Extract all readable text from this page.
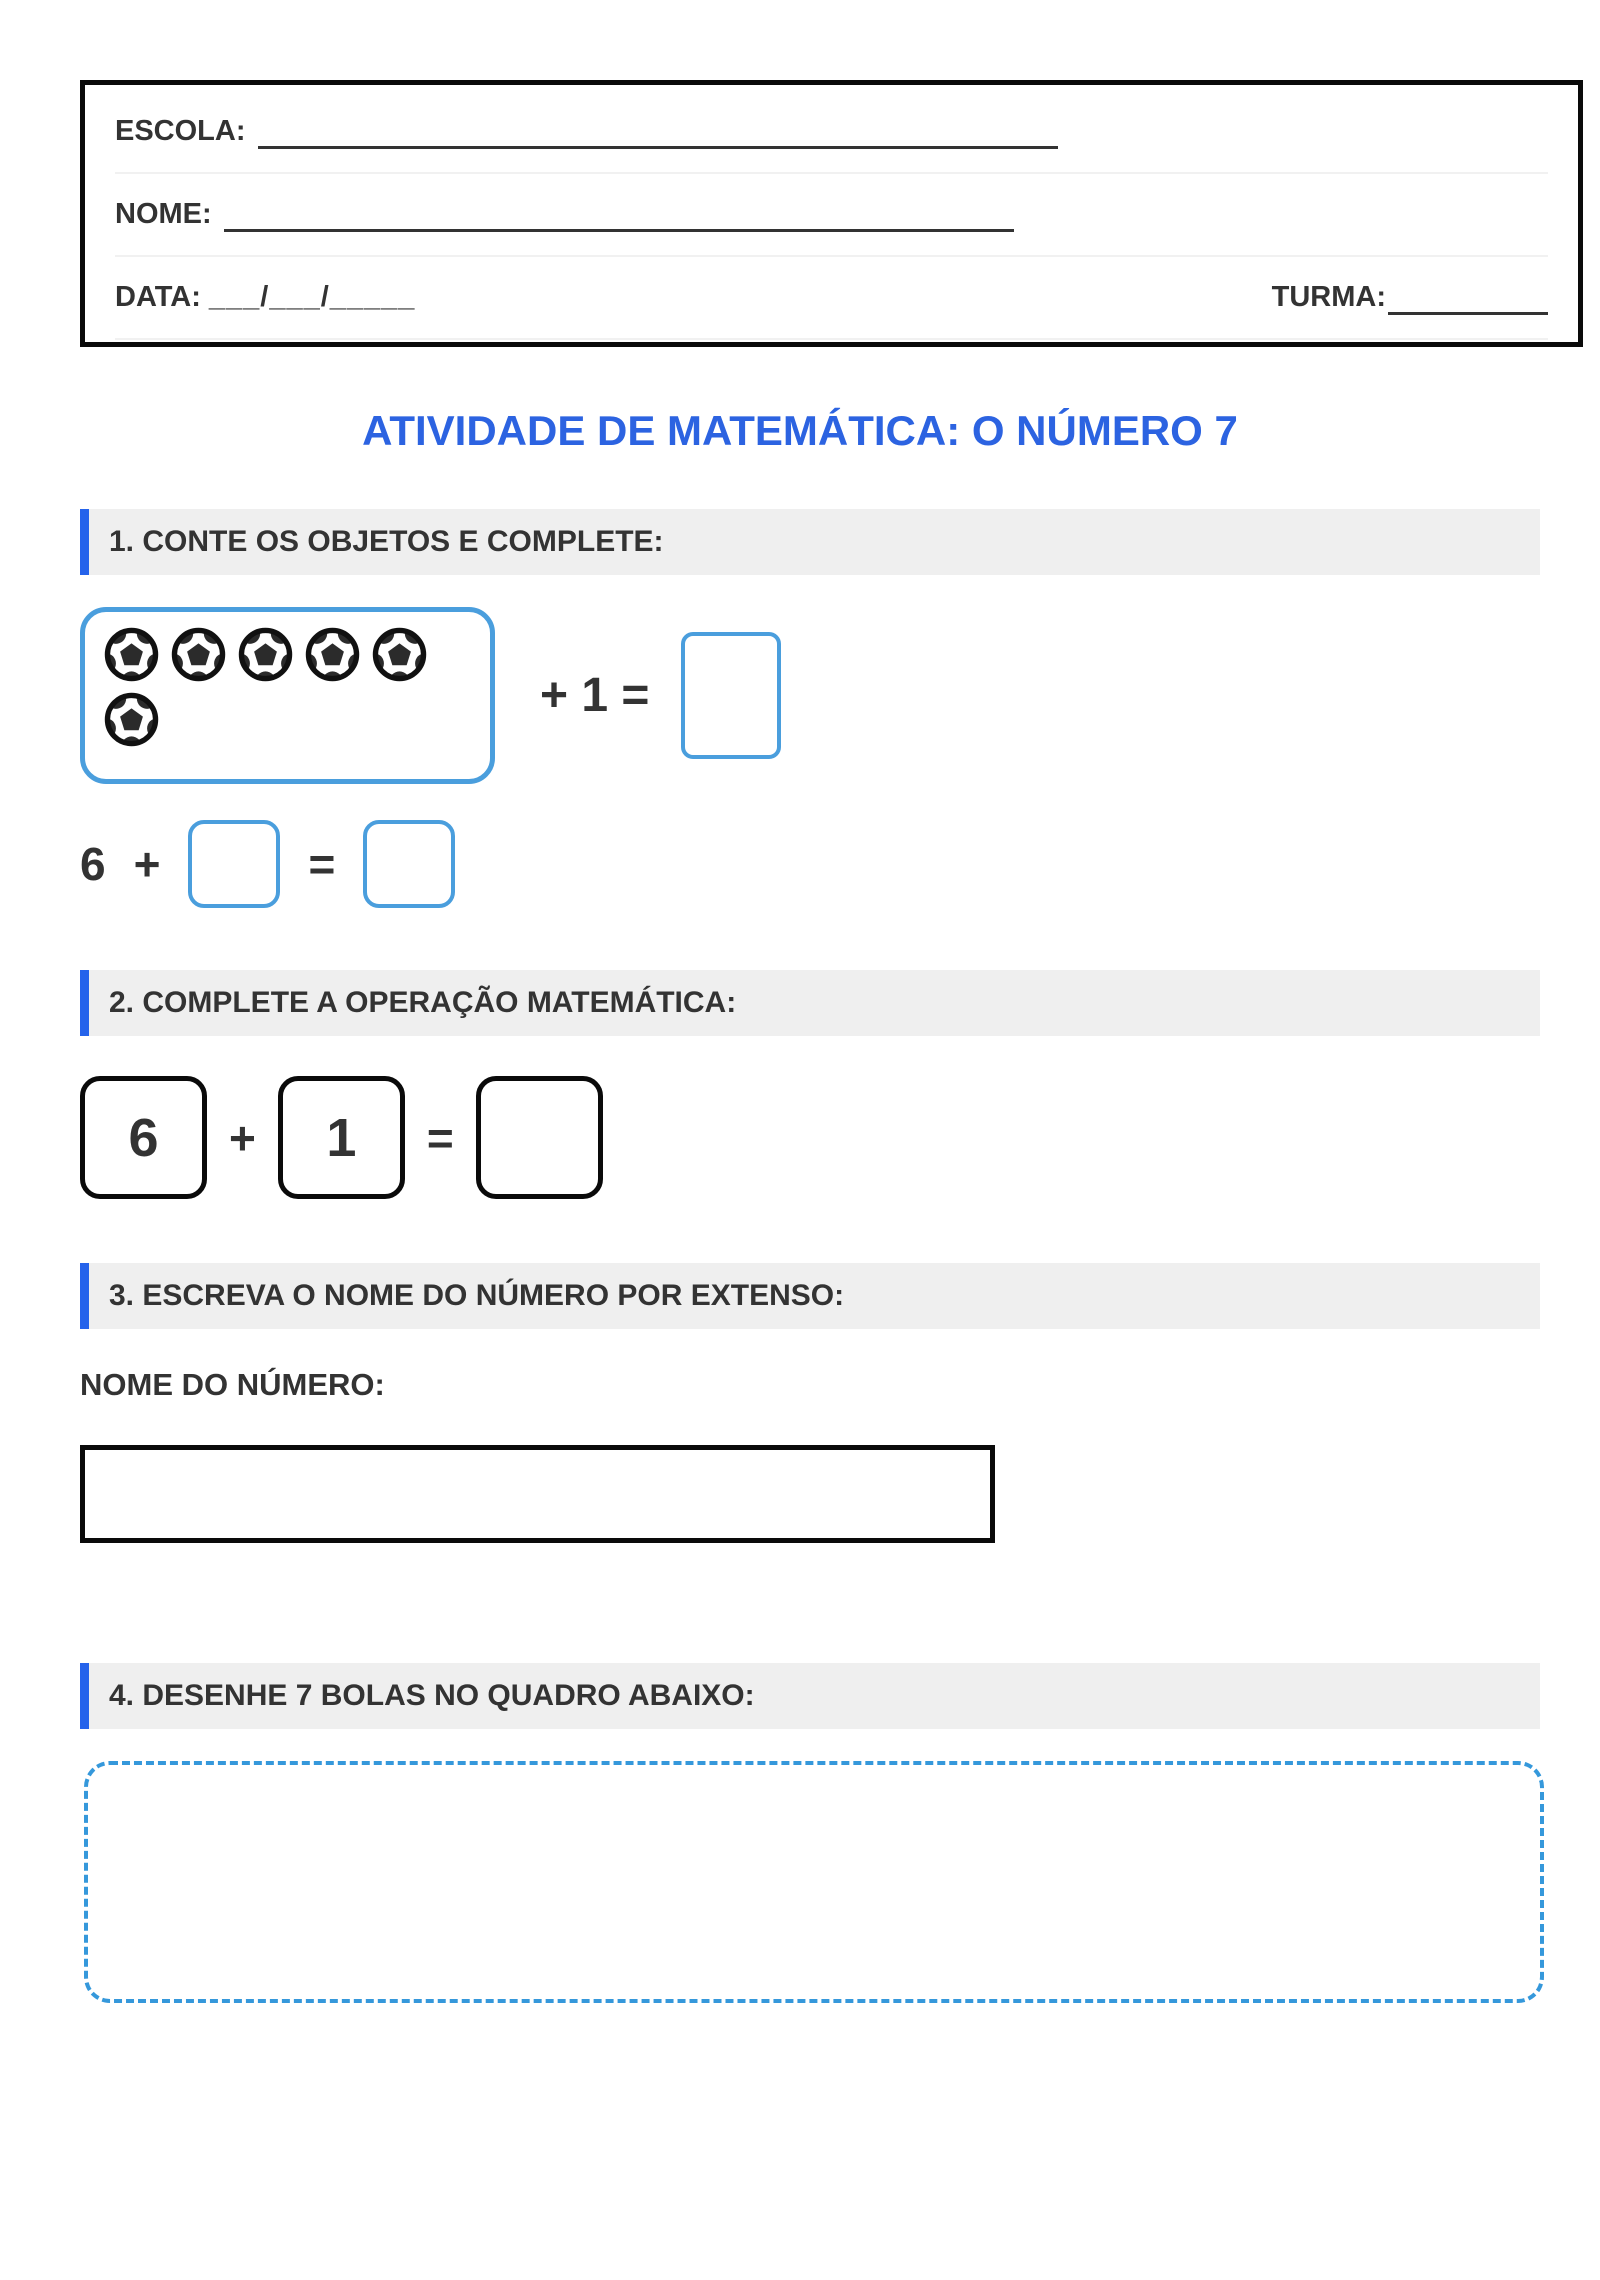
ESCOLA:
NOME:
DATA: ___/___/_____	TURMA:
ATIVIDADE DE MATEMÁTICA: O NÚMERO 7
1. CONTE OS OBJETOS E COMPLETE:
+ 1 =
6 +	=
2. COMPLETE A OPERAÇÃO MATEMÁTICA:
6	+	1	=
3. ESCREVA O NOME DO NÚMERO POR EXTENSO:
NOME DO NÚMERO:
4. DESENHE 7 BOLAS NO QUADRO ABAIXO:
